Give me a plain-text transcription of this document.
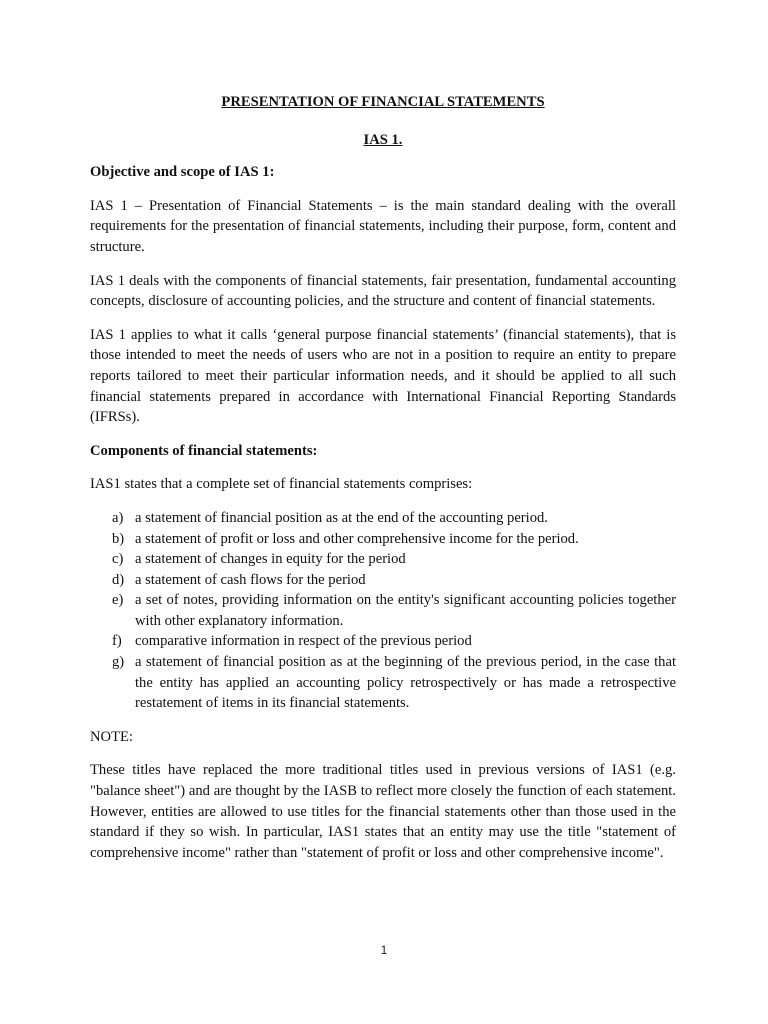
PRESENTATION OF FINANCIAL STATEMENTS

IAS 1.

Objective and scope of IAS 1:

IAS 1 – Presentation of Financial Statements – is the main standard dealing with the overall requirements for the presentation of financial statements, including their purpose, form, content and structure.

IAS 1 deals with the components of financial statements, fair presentation, fundamental accounting concepts, disclosure of accounting policies, and the structure and content of financial statements.

IAS 1 applies to what it calls ‘general purpose financial statements’ (financial statements), that is those intended to meet the needs of users who are not in a position to require an entity to prepare reports tailored to meet their particular information needs, and it should be applied to all such financial statements prepared in accordance with International Financial Reporting Standards (IFRSs).

Components of financial statements:

IAS1 states that a complete set of financial statements comprises:

a) a statement of financial position as at the end of the accounting period.
b) a statement of profit or loss and other comprehensive income for the period.
c) a statement of changes in equity for the period
d) a statement of cash flows for the period
e) a set of notes, providing information on the entity's significant accounting policies together with other explanatory information.
f) comparative information in respect of the previous period
g) a statement of financial position as at the beginning of the previous period, in the case that the entity has applied an accounting policy retrospectively or has made a retrospective restatement of items in its financial statements.

NOTE:

These titles have replaced the more traditional titles used in previous versions of IAS1 (e.g. "balance sheet") and are thought by the IASB to reflect more closely the function of each statement. However, entities are allowed to use titles for the financial statements other than those used in the standard if they so wish. In particular, IAS1 states that an entity may use the title "statement of comprehensive income" rather than "statement of profit or loss and other comprehensive income".

1
